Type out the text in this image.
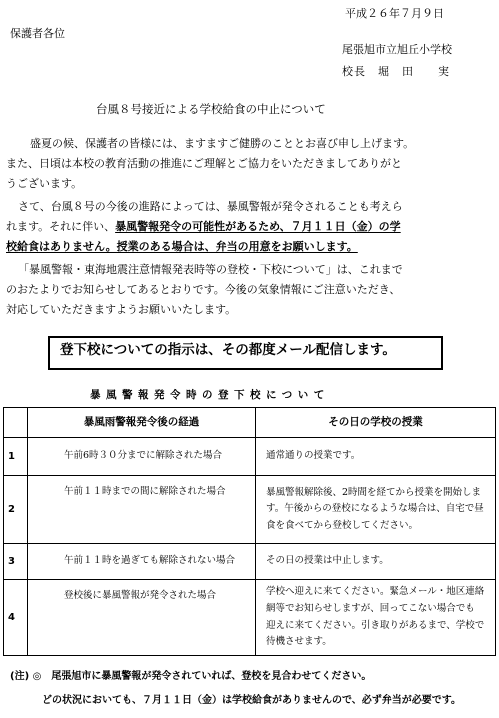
平成２６年７月９日
保護者各位
尾張旭市立旭丘小学校
校長　堀　田　　実
台風８号接近による学校給食の中止について
盛夏の候、保護者の皆様には、ますますご健勝のこととお喜び申し上げます。
また、日頃は本校の教育活動の推進にご理解とご協力をいただきましてありがと
うございます。
さて、台風８号の今後の進路によっては、暴風警報が発令されることも考えら
れます。それに伴い、暴風警報発令の可能性があるため、７月１１日（金）の学
校給食はありません。授業のある場合は、弁当の用意をお願いします。
「暴風警報・東海地震注意情報発表時等の登校・下校について」は、これまで
のおたよりでお知らせしてあるとおりです。今後の気象情報にご注意いただき、
対応していただきますようお願いいたします。
登下校についての指示は、その都度メール配信します。
暴風警報発令時の登下校について
	暴風雨警報発令後の経過	その日の学校の授業
1	午前6時３０分までに解除された場合	通常通りの授業です。

2	午前１１時までの間に解除された場合	暴風警報解除後、2時間を経てから授業を開始しま
す。午後からの登校になるような場合は、自宅で昼
食を食べてから登校してください。

3	午前１１時を過ぎても解除されない場合	その日の授業は中止します。

4	登校後に暴風警報が発令された場合	学校へ迎えに来てください。緊急メール・地区連絡
網等でお知らせしますが、回ってこない場合でも
迎えに来てください。引き取りがあるまで、学校で
待機させます。
(注) ◎　尾張旭市に暴風警報が発令されていれば、登校を見合わせてください。
どの状況においても、７月１１日（金）は学校給食がありませんので、必ず弁当が必要です。
